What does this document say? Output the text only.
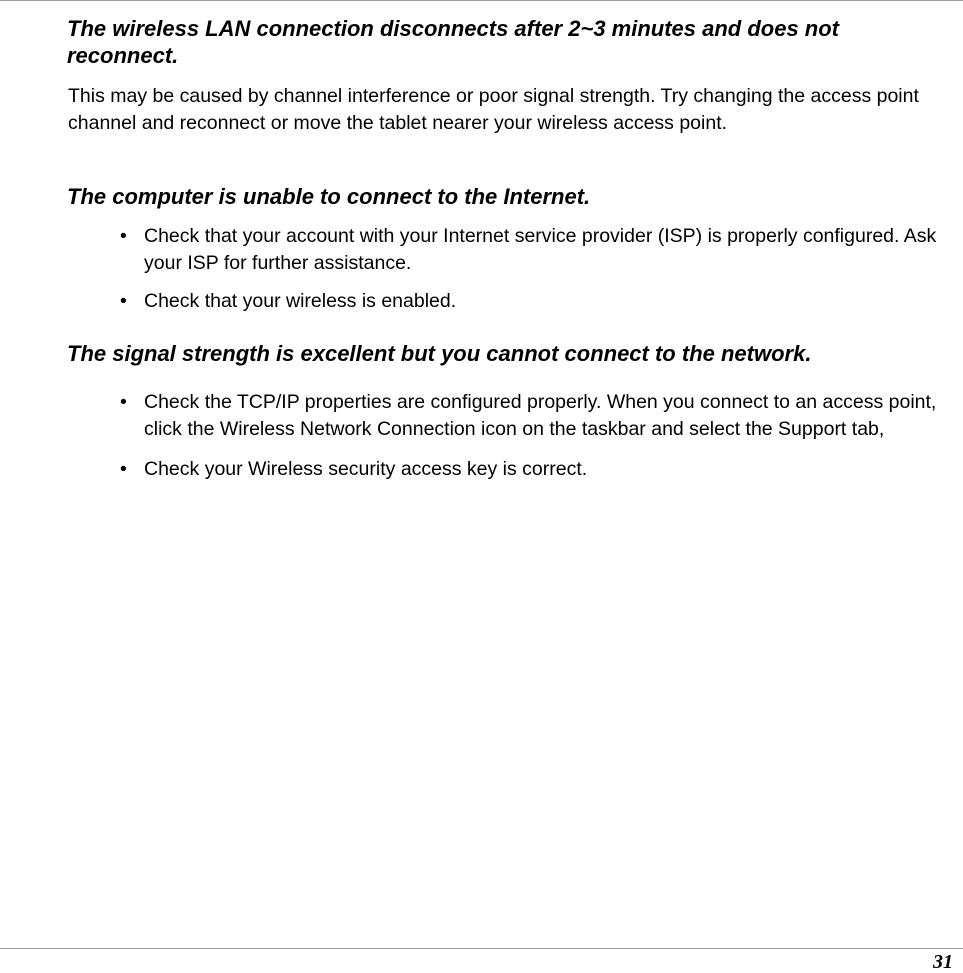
The wireless LAN connection disconnects after 2~3 minutes and does not reconnect.

This may be caused by channel interference or poor signal strength. Try changing the access point channel and reconnect or move the tablet nearer your wireless access point.

The computer is unable to connect to the Internet.

• Check that your account with your Internet service provider (ISP) is properly configured. Ask your ISP for further assistance.
• Check that your wireless is enabled.

The signal strength is excellent but you cannot connect to the network.

• Check the TCP/IP properties are configured properly. When you connect to an access point, click the Wireless Network Connection icon on the taskbar and select the Support tab,
• Check your Wireless security access key is correct.

31
